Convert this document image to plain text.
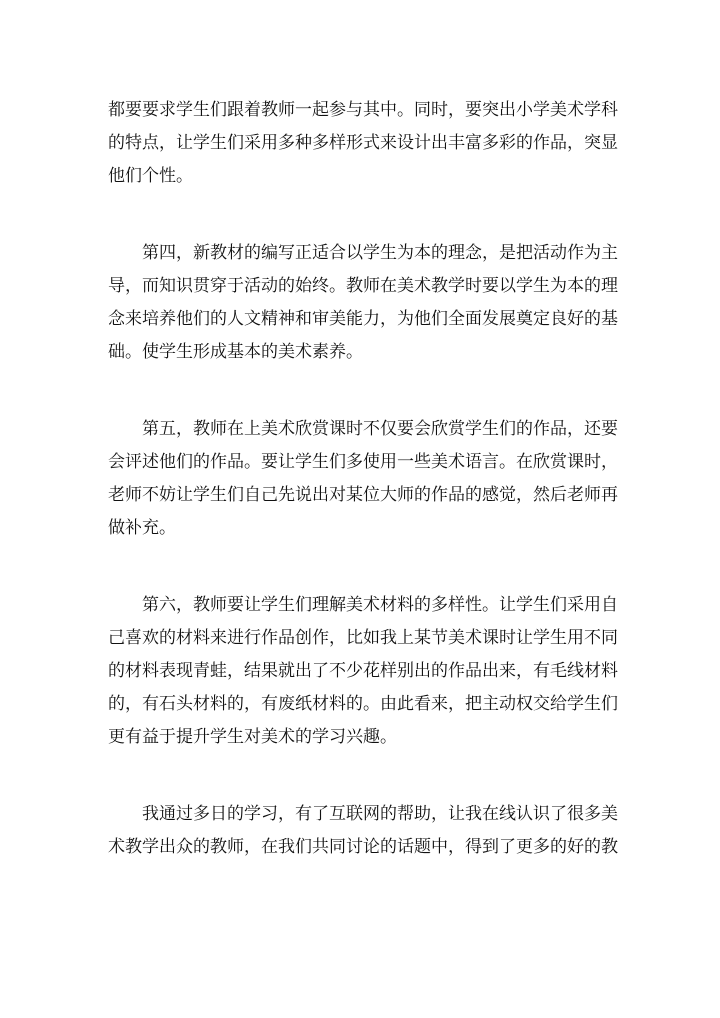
都要要求学生们跟着教师一起参与其中。同时，要突出小学美术学科
的特点，让学生们采用多种多样形式来设计出丰富多彩的作品，突显
他们个性。

第四，新教材的编写正适合以学生为本的理念，是把活动作为主
导，而知识贯穿于活动的始终。教师在美术教学时要以学生为本的理
念来培养他们的人文精神和审美能力，为他们全面发展奠定良好的基
础。使学生形成基本的美术素养。

第五，教师在上美术欣赏课时不仅要会欣赏学生们的作品，还要
会评述他们的作品。要让学生们多使用一些美术语言。在欣赏课时，
老师不妨让学生们自己先说出对某位大师的作品的感觉，然后老师再
做补充。

第六，教师要让学生们理解美术材料的多样性。让学生们采用自
己喜欢的材料来进行作品创作，比如我上某节美术课时让学生用不同
的材料表现青蛙，结果就出了不少花样别出的作品出来，有毛线材料
的，有石头材料的，有废纸材料的。由此看来，把主动权交给学生们
更有益于提升学生对美术的学习兴趣。

我通过多日的学习，有了互联网的帮助，让我在线认识了很多美
术教学出众的教师，在我们共同讨论的话题中，得到了更多的好的教
